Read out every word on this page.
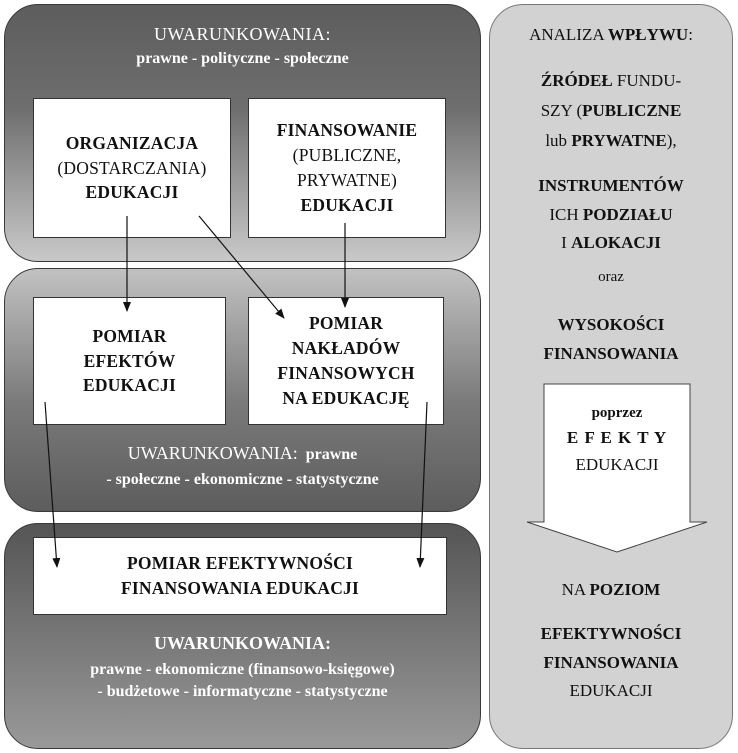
UWARUNKOWANIA:
prawne - polityczne - społeczne
ORGANIZACJA
(DOSTARCZANIA)
EDUKACJI
FINANSOWANIE
(PUBLICZNE,
PRYWATNE)
EDUKACJI
POMIAR
EFEKTÓW
EDUKACJI
POMIAR
NAKŁADÓW
FINANSOWYCH
NA EDUKACJĘ
UWARUNKOWANIA: prawne
- społeczne - ekonomiczne - statystyczne
POMIAR EFEKTYWNOŚCI
FINANSOWANIA EDUKACJI
UWARUNKOWANIA:
prawne - ekonomiczne (finansowo-księgowe)
- budżetowe - informatyczne - statystyczne
ANALIZA WPŁYWU:
ŹRÓDEŁ FUNDU-
SZY (PUBLICZNE
lub PRYWATNE),
INSTRUMENTÓW
ICH PODZIAŁU
I ALOKACJI
oraz
WYSOKOŚCI
FINANSOWANIA
NA POZIOM
EFEKTYWNOŚCI
FINANSOWANIA
EDUKACJI
poprzez
E F E K T Y
EDUKACJI
